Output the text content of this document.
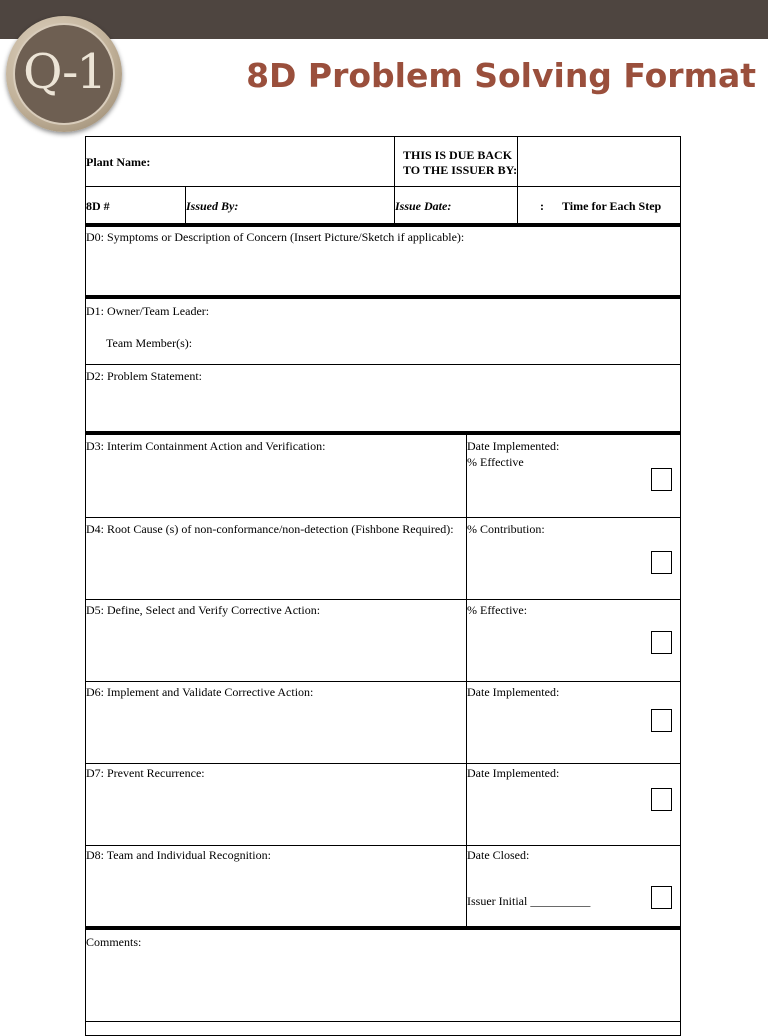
Q-1	8D Problem Solving Format
Plant Name:	THIS IS DUE BACK
TO THE ISSUER BY:
8D #	Issued By:	Issue Date:	: Time for Each Step
D0: Symptoms or Description of Concern (Insert Picture/Sketch if applicable):
D1: Owner/Team Leader:
Team Member(s):
D2: Problem Statement:
D3: Interim Containment Action and Verification:	Date Implemented:
% Effective
D4: Root Cause (s) of non-conformance/non-detection (Fishbone Required): % Contribution:
D5: Define, Select and Verify Corrective Action:	% Effective:
D6: Implement and Validate Corrective Action:	Date Implemented:
D7: Prevent Recurrence:	Date Implemented:
D8: Team and Individual Recognition:	Date Closed:
Issuer Initial __________
Comments:
